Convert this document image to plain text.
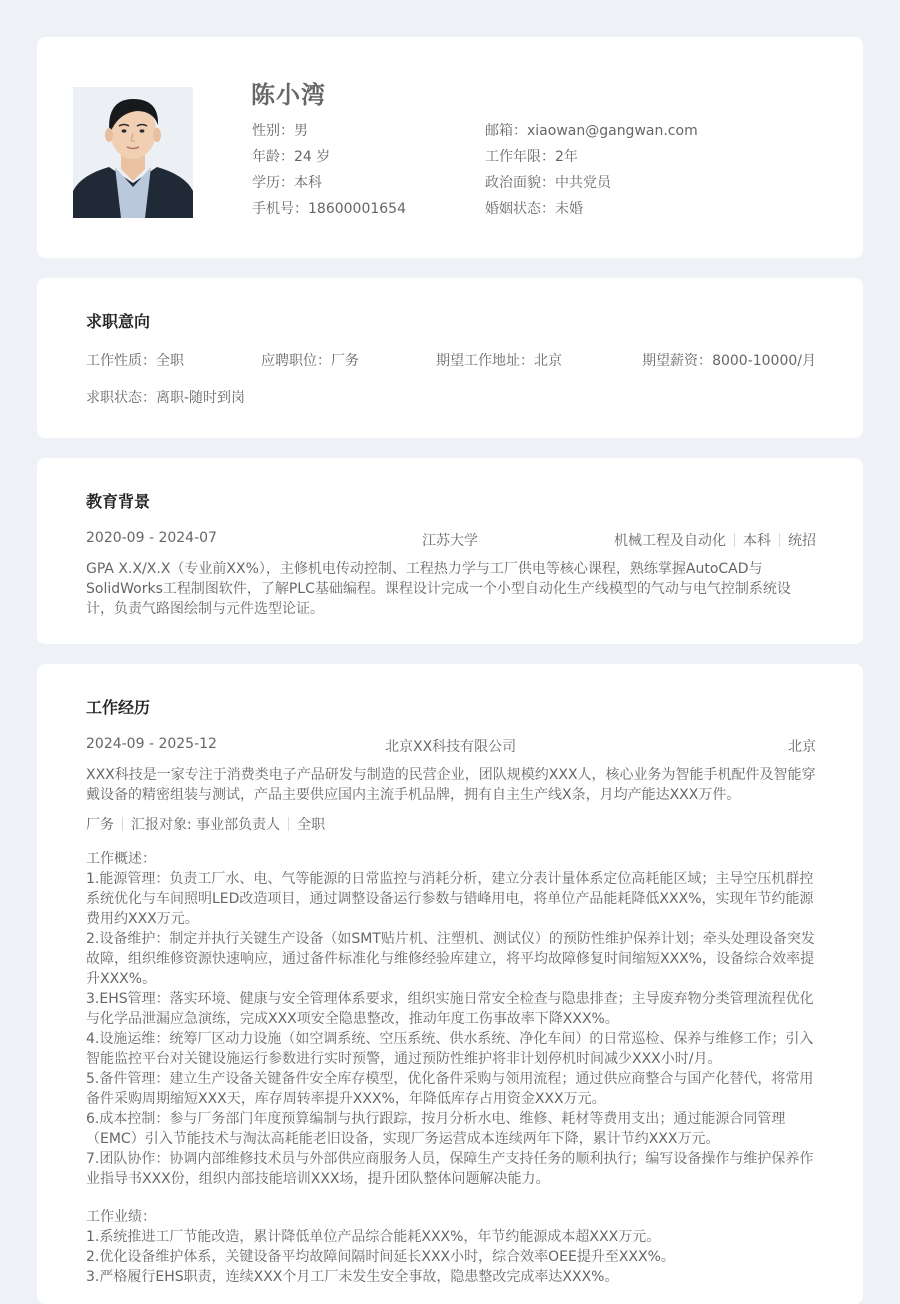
陈小湾
性别：男	邮箱：xiaowan@gangwan.com
年龄：24 岁	工作年限：2年
学历：本科	政治面貌：中共党员
手机号：18600001654	婚姻状态：未婚
求职意向
工作性质：全职	应聘职位：厂务	期望工作地址：北京	期望薪资：8000-10000/月
求职状态：离职-随时到岗
教育背景
2020-09 - 2024-07	江苏大学	机械工程及自动化 本科 统招
GPA X.X/X.X（专业前XX%），主修机电传动控制、工程热力学与工厂供电等核心课程，熟练掌握AutoCAD与
SolidWorks工程制图软件，了解PLC基础编程。课程设计完成一个小型自动化生产线模型的气动与电气控制系统设
计，负责气路图绘制与元件选型论证。
工作经历
2024-09 - 2025-12	北京XX科技有限公司	北京
XXX科技是一家专注于消费类电子产品研发与制造的民营企业，团队规模约XXX人，核心业务为智能手机配件及智能穿
戴设备的精密组装与测试，产品主要供应国内主流手机品牌，拥有自主生产线X条，月均产能达XXX万件。
厂务 汇报对象: 事业部负责人 全职
工作概述：
1.能源管理：负责工厂水、电、气等能源的日常监控与消耗分析，建立分表计量体系定位高耗能区域；主导空压机群控
系统优化与车间照明LED改造项目，通过调整设备运行参数与错峰用电，将单位产品能耗降低XXX%，实现年节约能源
费用约XXX万元。
2.设备维护：制定并执行关键生产设备（如SMT贴片机、注塑机、测试仪）的预防性维护保养计划；牵头处理设备突发
故障，组织维修资源快速响应，通过备件标准化与维修经验库建立，将平均故障修复时间缩短XXX%，设备综合效率提
升XXX%。
3.EHS管理：落实环境、健康与安全管理体系要求，组织实施日常安全检查与隐患排查；主导废弃物分类管理流程优化
与化学品泄漏应急演练，完成XXX项安全隐患整改，推动年度工伤事故率下降XXX%。
4.设施运维：统筹厂区动力设施（如空调系统、空压系统、供水系统、净化车间）的日常巡检、保养与维修工作；引入
智能监控平台对关键设施运行参数进行实时预警，通过预防性维护将非计划停机时间减少XXX小时/月。
5.备件管理：建立生产设备关键备件安全库存模型，优化备件采购与领用流程；通过供应商整合与国产化替代，将常用
备件采购周期缩短XXX天，库存周转率提升XXX%，年降低库存占用资金XXX万元。
6.成本控制：参与厂务部门年度预算编制与执行跟踪，按月分析水电、维修、耗材等费用支出；通过能源合同管理
（EMC）引入节能技术与淘汰高耗能老旧设备，实现厂务运营成本连续两年下降，累计节约XXX万元。
7.团队协作：协调内部维修技术员与外部供应商服务人员，保障生产支持任务的顺利执行；编写设备操作与维护保养作
业指导书XXX份，组织内部技能培训XXX场，提升团队整体问题解决能力。
工作业绩：
1.系统推进工厂节能改造，累计降低单位产品综合能耗XXX%，年节约能源成本超XXX万元。
2.优化设备维护体系，关键设备平均故障间隔时间延长XXX小时，综合效率OEE提升至XXX%。
3.严格履行EHS职责，连续XXX个月工厂未发生安全事故，隐患整改完成率达XXX%。
